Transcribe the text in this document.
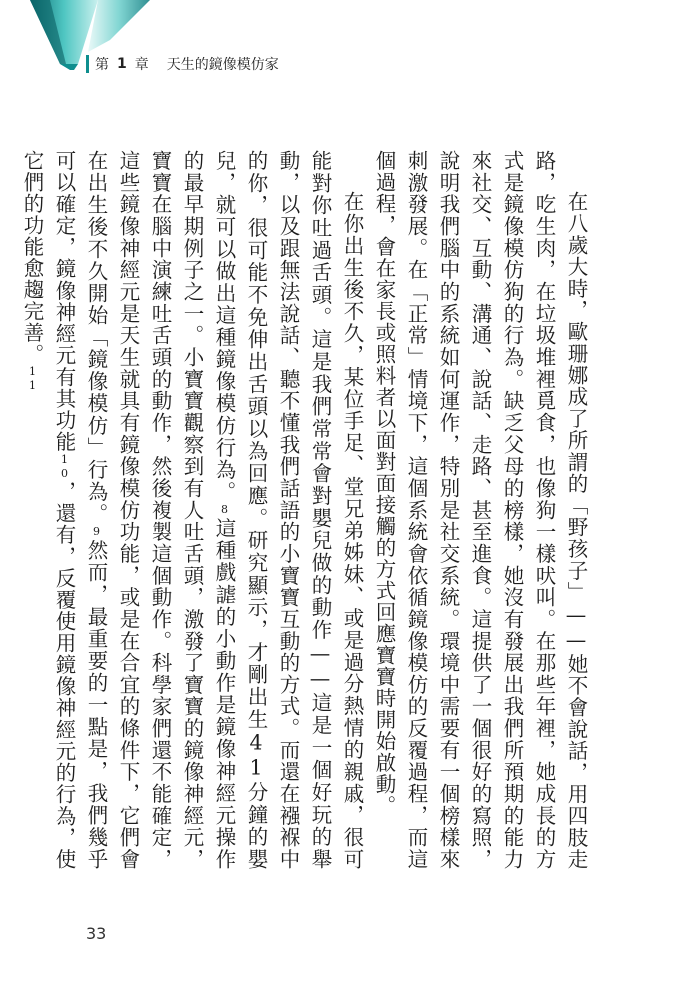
第 1 章 天生的鏡像模仿家

在八歲大時，歐珊娜成了所謂的「野孩子」——她不會說話，用四肢走路，吃生肉，在垃圾堆裡覓食，也像狗一樣吠叫。在那些年裡，她成長的方式是鏡像模仿狗的行為。缺乏父母的榜樣，她沒有發展出我們所預期的能力來社交、互動、溝通、說話、走路、甚至進食。這提供了一個很好的寫照，說明我們腦中的系統如何運作，特別是社交系統。環境中需要有一個榜樣來刺激發展。在「正常」情境下，這個系統會依循鏡像模仿的反覆過程，而這個過程，會在家長或照料者以面對面接觸的方式回應寶寶時開始啟動。

在你出生後不久，某位手足、堂兄弟姊妹、或是過分熱情的親戚，很可能對你吐過舌頭。這是我們常常會對嬰兒做的動作——這是一個好玩的舉動，以及跟無法說話、聽不懂我們話語的小寶寶互動的方式。而還在襁褓中的你，很可能不免伸出舌頭以為回應。研究顯示，才剛出生41分鐘的嬰兒，就可以做出這種鏡像模仿行為。8這種戲謔的小動作是鏡像神經元操作的最早期例子之一。小寶寶觀察到有人吐舌頭，激發了寶寶的鏡像神經元，寶寶在腦中演練吐舌頭的動作，然後複製這個動作。科學家們還不能確定，這些鏡像神經元是天生就具有鏡像模仿功能，或是在合宜的條件下，它們會在出生後不久開始「鏡像模仿」行為。9然而，最重要的一點是，我們幾乎可以確定，鏡像神經元有其功能10，還有，反覆使用鏡像神經元的行為，使它們的功能愈趨完善。11

33
